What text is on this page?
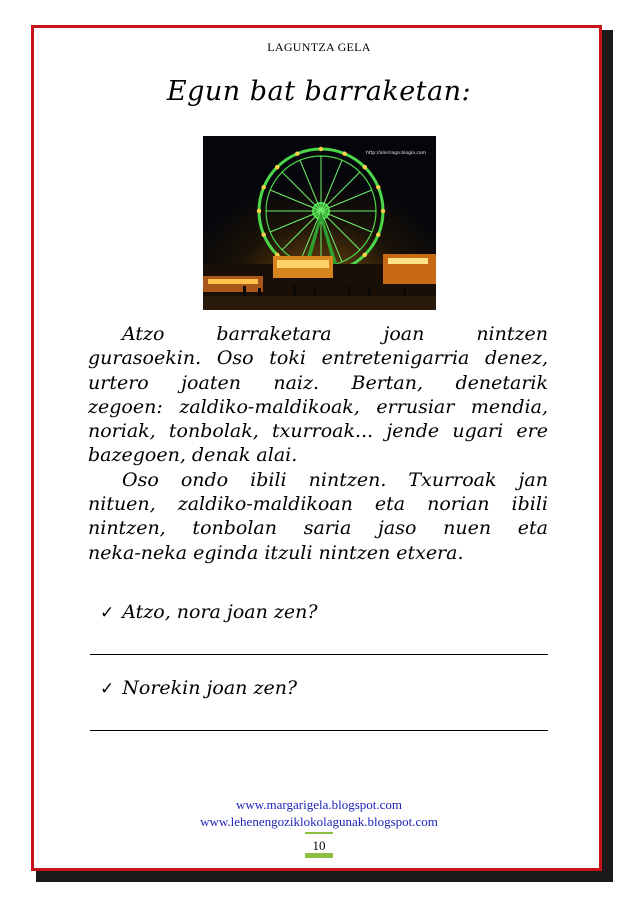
LAGUNTZA GELA
Egun bat barraketan:
http://alorriaga.blogia.com
Atzo barraketara joan nintzen
gurasoekin. Oso toki entretenigarria denez,
urtero joaten naiz. Bertan, denetarik
zegoen: zaldiko-maldikoak, errusiar mendia,
noriak, tonbolak, txurroak... jende ugari ere
bazegoen, denak alai.
Oso ondo ibili nintzen. Txurroak jan
nituen, zaldiko-maldikoan eta norian ibili
nintzen, tonbolan saria jaso nuen eta
neka-neka eginda itzuli nintzen etxera.
✓ Atzo, nora joan zen?
✓ Norekin joan zen?
www.margarigela.blogspot.com
www.lehenengoziklokolagunak.blogspot.com
10
